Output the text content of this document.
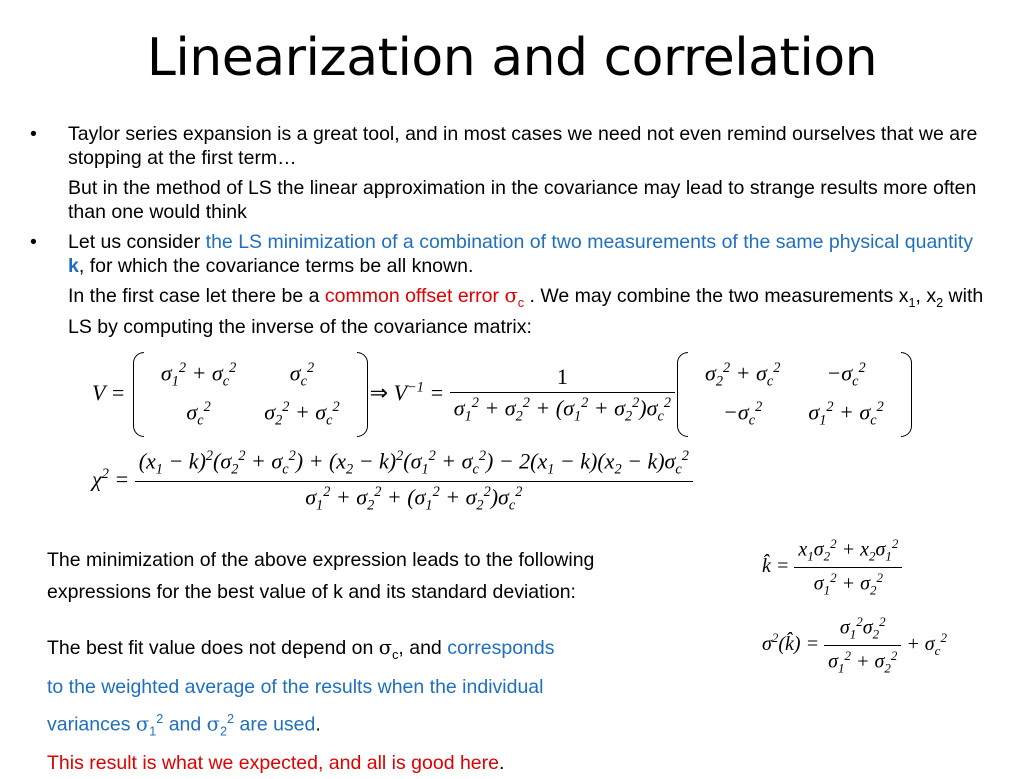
Linearization and correlation
• Taylor series expansion is a great tool, and in most cases we need not even remind ourselves that we are stopping at the first term…
But in the method of LS the linear approximation in the covariance may lead to strange results more often than one would think
• Let us consider the LS minimization of a combination of two measurements of the same physical quantity k, for which the covariance terms be all known.
In the first case let there be a common offset error $\sigma_c$ . We may combine the two measurements $x_1$, $x_2$ with LS by computing the inverse of the covariance matrix:
V =
$\sigma_1^2 + \sigma_c^2$	$\sigma_c^2$
$\sigma_c^2$	$\sigma_2^2 + \sigma_c^2$
⇒ $V^{-1} = \frac{1}{\sigma_1^2 + \sigma_2^2 + (\sigma_1^2 + \sigma_2^2)\sigma_c^2} \sigma_2^2 + \sigma_c^2$	$-\sigma_c^2$
$-\sigma_c^2$	$\sigma_1^2 + \sigma_c^2$
$\chi^2$ =
$(x_1 - k)^2(\sigma_2^2 + \sigma_c^2) + (x_2 - k)^2(\sigma_1^2 + \sigma_c^2) - 2(x_1 - k)(x_2 - k)\sigma_c^2$
$\sigma_1^2 + \sigma_2^2 + (\sigma_1^2 + \sigma_2^2)\sigma_c^2$
The minimization of the above expression leads to the following
expressions for the best value of k and its standard deviation:
The best fit value does not depend on $\sigma_c$, and corresponds
to the weighted average of the results when the individual
variances $\sigma_1^2$ and $\sigma_2^2$ are used.
This result is what we expected, and all is good here.
k̂ = $\frac{x_1\sigma_2^2 + x_2\sigma_1^2}{\sigma_1^2 + \sigma_2^2}$
$\sigma^2(k̂) = \frac{\sigma_1^2\sigma_2^2}{\sigma_1^2 + \sigma_2^2} + \sigma_c^2$
